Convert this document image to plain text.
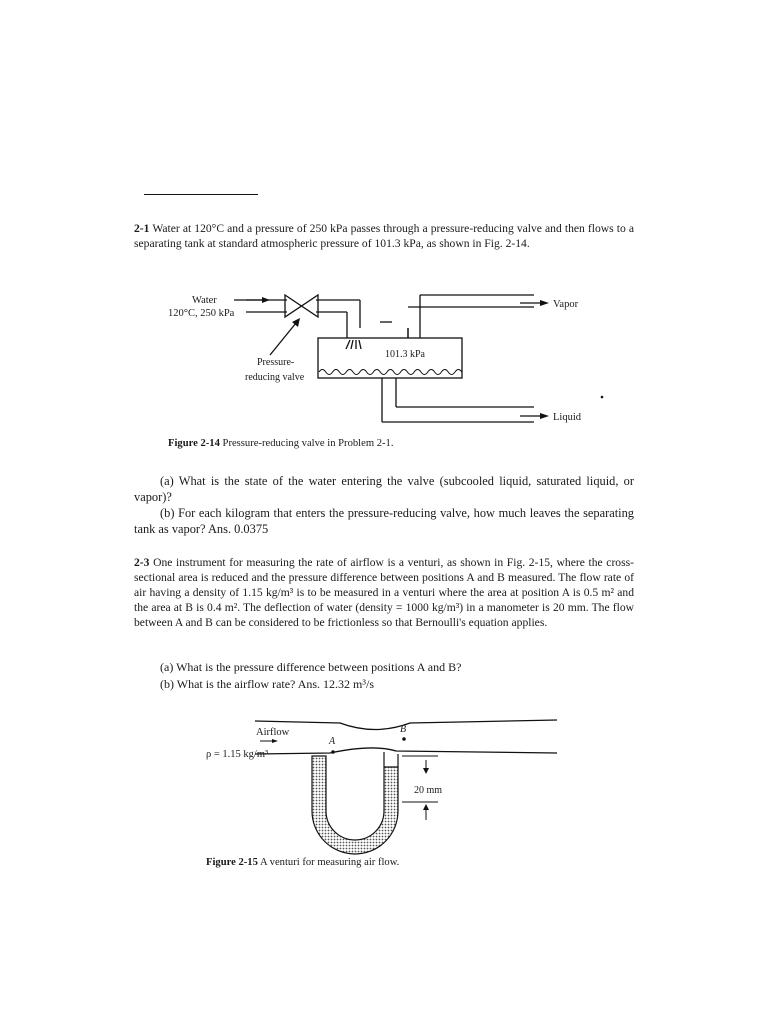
2-1 Water at 120°C and a pressure of 250 kPa passes through a pressure-reducing valve and then flows to a separating tank at standard atmospheric pressure of 101.3 kPa, as shown in Fig. 2-14.
Water
120°C, 250 kPa
Vapor
Liquid
101.3 kPa
Pressure-
reducing valve
Figure 2-14 Pressure-reducing valve in Problem 2-1.
(a) What is the state of the water entering the valve (subcooled liquid, saturated liquid, or vapor)?
(b) For each kilogram that enters the pressure-reducing valve, how much leaves the separating tank as vapor? Ans. 0.0375
2-3 One instrument for measuring the rate of airflow is a venturi, as shown in Fig. 2-15, where the cross-sectional area is reduced and the pressure difference between positions A and B measured. The flow rate of air having a density of 1.15 kg/m³ is to be measured in a venturi where the area at position A is 0.5 m² and the area at B is 0.4 m². The deflection of water (density = 1000 kg/m³) in a manometer is 20 mm. The flow between A and B can be considered to be frictionless so that Bernoulli's equation applies.
(a) What is the pressure difference between positions A and B?
(b) What is the airflow rate? Ans. 12.32 m³/s
Airflow
ρ = 1.15 kg/m³
A
B
20 mm
Figure 2-15 A venturi for measuring air flow.
